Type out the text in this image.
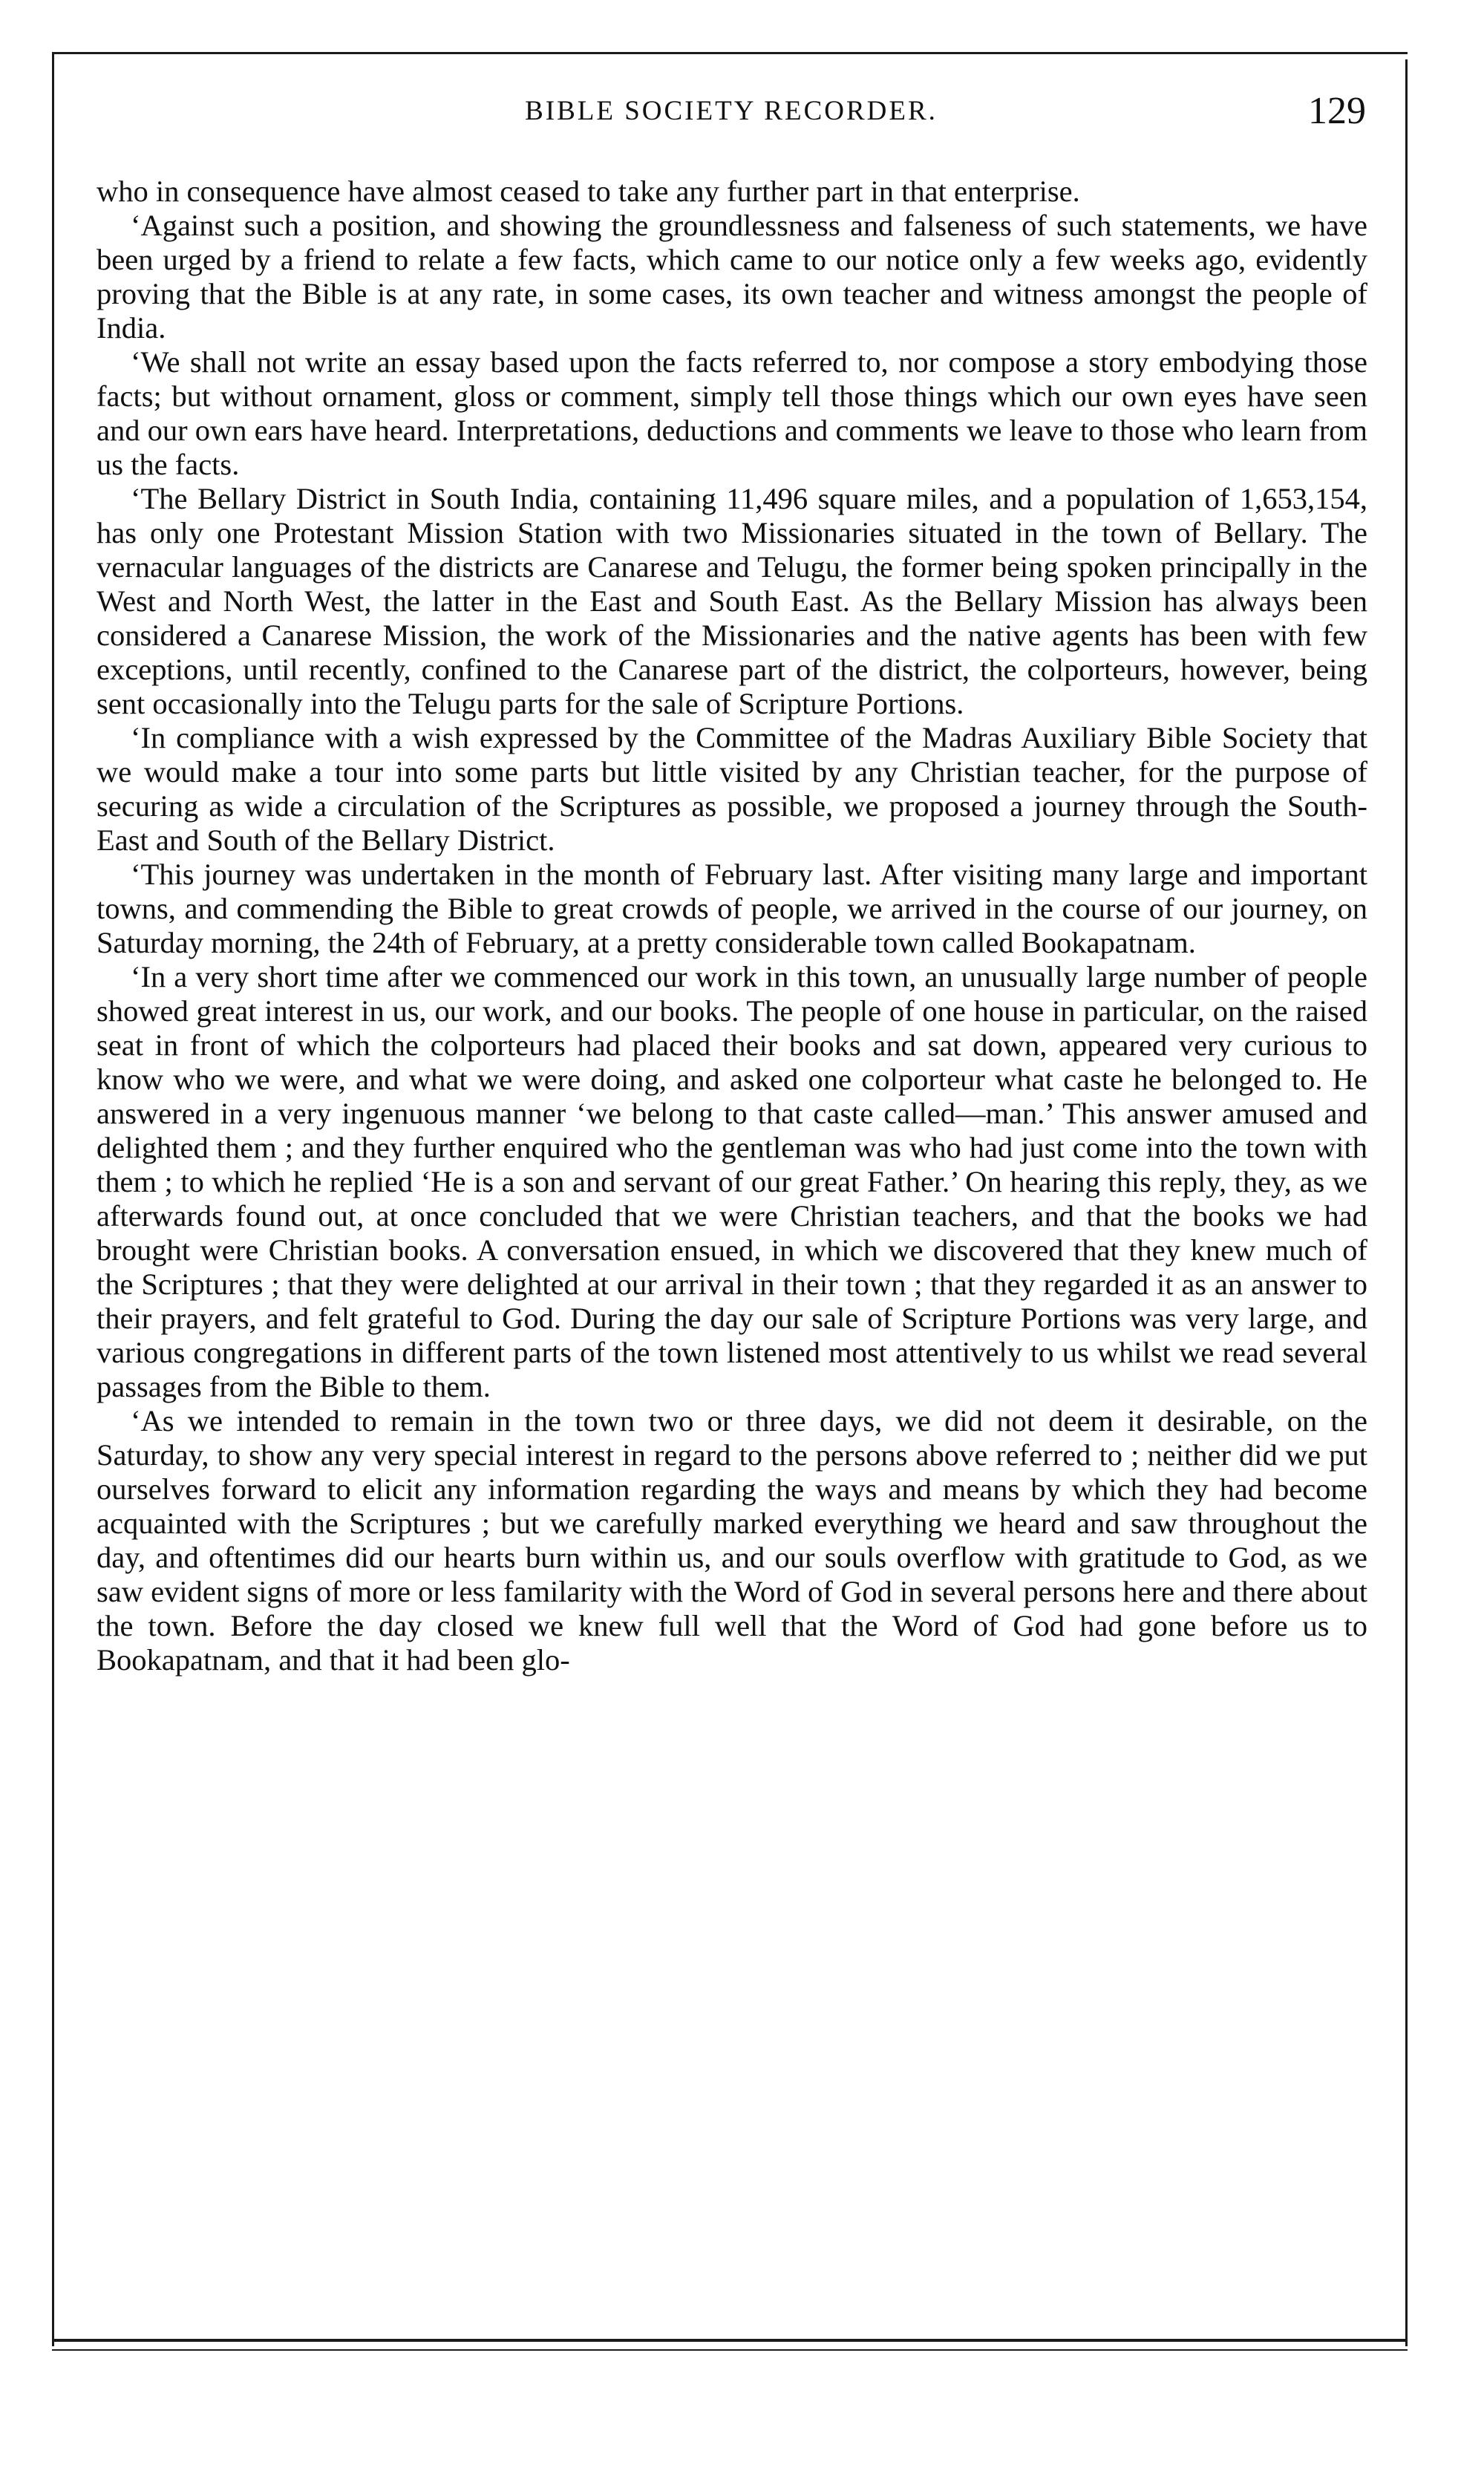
BIBLE SOCIETY RECORDER.	129

who in consequence have almost ceased to take any further part in that enterprise.

‘Against such a position, and showing the groundlessness and falseness of such statements, we have been urged by a friend to relate a few facts, which came to our notice only a few weeks ago, evidently proving that the Bible is at any rate, in some cases, its own teacher and witness amongst the people of India.

‘We shall not write an essay based upon the facts referred to, nor compose a story embodying those facts; but without ornament, gloss or comment, simply tell those things which our own eyes have seen and our own ears have heard. Interpretations, deductions and comments we leave to those who learn from us the facts.

‘The Bellary District in South India, containing 11,496 square miles, and a population of 1,653,154, has only one Protestant Mission Station with two Missionaries situated in the town of Bellary. The vernacular languages of the districts are Canarese and Telugu, the former being spoken principally in the West and North West, the latter in the East and South East. As the Bellary Mission has always been considered a Canarese Mission, the work of the Missionaries and the native agents has been with few exceptions, until recently, confined to the Canarese part of the district, the colporteurs, however, being sent occasionally into the Telugu parts for the sale of Scripture Portions.

‘In compliance with a wish expressed by the Committee of the Madras Auxiliary Bible Society that we would make a tour into some parts but little visited by any Christian teacher, for the purpose of securing as wide a circulation of the Scriptures as possible, we proposed a journey through the South-East and South of the Bellary District.

‘This journey was undertaken in the month of February last. After visiting many large and important towns, and commending the Bible to great crowds of people, we arrived in the course of our journey, on Saturday morning, the 24th of February, at a pretty considerable town called Bookapatnam.

‘In a very short time after we commenced our work in this town, an unusually large number of people showed great interest in us, our work, and our books. The people of one house in particular, on the raised seat in front of which the colporteurs had placed their books and sat down, appeared very curious to know who we were, and what we were doing, and asked one colporteur what caste he belonged to. He answered in a very ingenuous manner ‘we belong to that caste called—man.’ This answer amused and delighted them ; and they further enquired who the gentleman was who had just come into the town with them ; to which he replied ‘He is a son and servant of our great Father.’ On hearing this reply, they, as we afterwards found out, at once concluded that we were Christian teachers, and that the books we had brought were Christian books. A conversation ensued, in which we discovered that they knew much of the Scriptures ; that they were delighted at our arrival in their town ; that they regarded it as an answer to their prayers, and felt grateful to God. During the day our sale of Scripture Portions was very large, and various congregations in different parts of the town listened most attentively to us whilst we read several passages from the Bible to them.

‘As we intended to remain in the town two or three days, we did not deem it desirable, on the Saturday, to show any very special interest in regard to the persons above referred to ; neither did we put ourselves forward to elicit any information regarding the ways and means by which they had become acquainted with the Scriptures ; but we carefully marked everything we heard and saw throughout the day, and oftentimes did our hearts burn within us, and our souls overflow with gratitude to God, as we saw evident signs of more or less familarity with the Word of God in several persons here and there about the town. Before the day closed we knew full well that the Word of God had gone before us to Bookapatnam, and that it had been glo-
